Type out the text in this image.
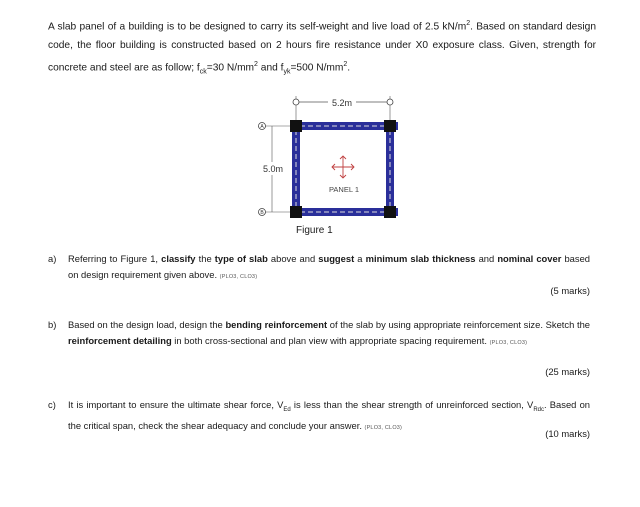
A slab panel of a building is to be designed to carry its self-weight and live load of 2.5 $kN/m^2$. Based on standard design code, the floor building is constructed based on 2 hours fire resistance under X0 exposure class. Given, strength for concrete and steel are as follow; $f_{ck}=30$ $N/mm^2$ and $f_{yk}=500$ $N/mm^2$.
5.2m
A
B
5.0m
PANEL 1
Figure 1
a) Referring to Figure 1, classify the type of slab above and suggest a minimum slab thickness and nominal cover based on design requirement given above. (PLO3, CLO3)
(5 marks)
b) Based on the design load, design the bending reinforcement of the slab by using appropriate reinforcement size. Sketch the reinforcement detailing in both cross-sectional and plan view with appropriate spacing requirement. (PLO3, CLO3)
(25 marks)
c) It is important to ensure the ultimate shear force, $V_{Ed}$ is less than the shear strength of unreinforced section, $V_{Rdc}$. Based on the critical span, check the shear adequacy and conclude your answer. (PLO3, CLO3)	(10 marks)
